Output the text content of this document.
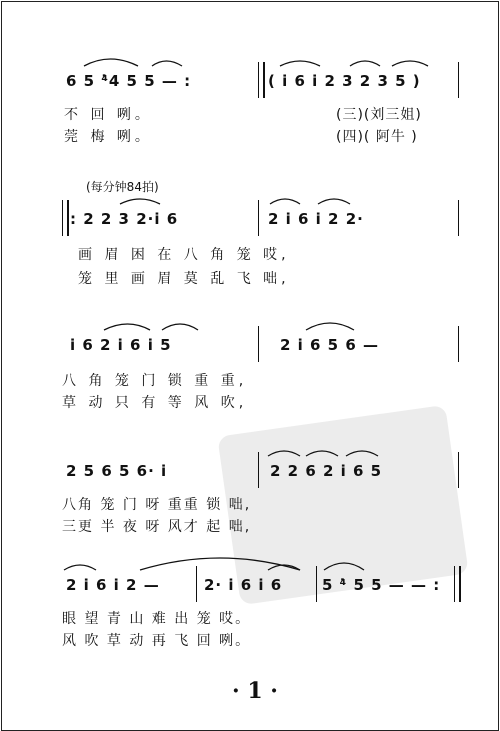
6 5 ⁴̇4 5 5 — :	( i 6 i 2 3 2 3 5 )
不 回 咧。
莞 梅 咧。
(三)(刘三姐)
(四)( 阿牛 )
(每分钟84拍)
: 2 2 3 2·i 6	2 i 6 i 2 2·
画 眉 困 在 八 角 笼 哎,
笼 里 画 眉 莫 乱 飞 咄,
i 6 2 i 6 i 5	2 i 6 5 6 —
八 角 笼 门 锁 重 重,
草 动 只 有 等 风 吹,
2 5 6 5 6· i	2 2 6 2 i 6 5
八角 笼 门 呀 重重 锁 咄,
三更 半 夜 呀 风才 起 咄,
2 i 6 i 2 —	2· i 6 i 6	5 ⁴̇ 5 5 — — :
眼 望 青 山 难 出 笼 哎。
风 吹 草 动 再 飞 回 咧。
· 1 ·
